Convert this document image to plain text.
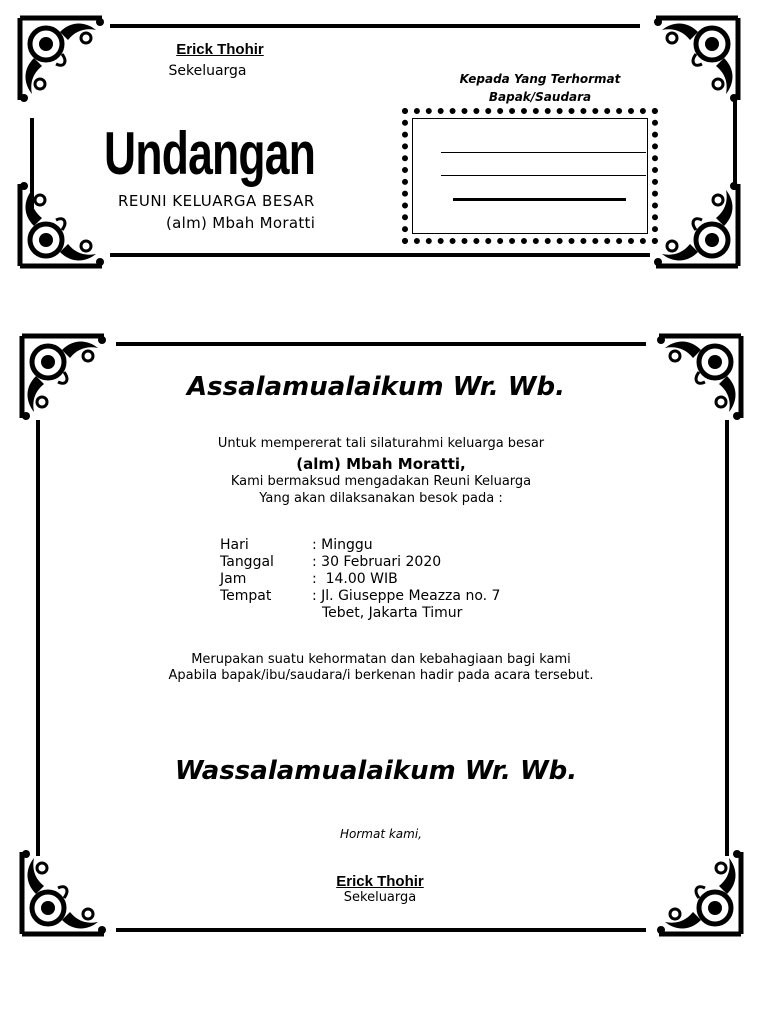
Erick Thohir
Sekeluarga
Undangan
REUNI KELUARGA BESAR
(alm) Mbah Moratti
Kepada Yang Terhormat
Bapak/Saudara
Assalamualaikum Wr. Wb.
Untuk mempererat tali silaturahmi keluarga besar
(alm) Mbah Moratti,
Kami bermaksud mengadakan Reuni Keluarga
Yang akan dilaksanakan besok pada :
Hari	: Minggu
Tanggal	: 30 Februari 2020
Jam	:  14.00 WIB
Tempat	: Jl. Giuseppe Meazza no. 7
Tebet, Jakarta Timur
Merupakan suatu kehormatan dan kebahagiaan bagi kami
Apabila bapak/ibu/saudara/i berkenan hadir pada acara tersebut.
Wassalamualaikum Wr. Wb.
Hormat kami,
Erick Thohir
Sekeluarga
